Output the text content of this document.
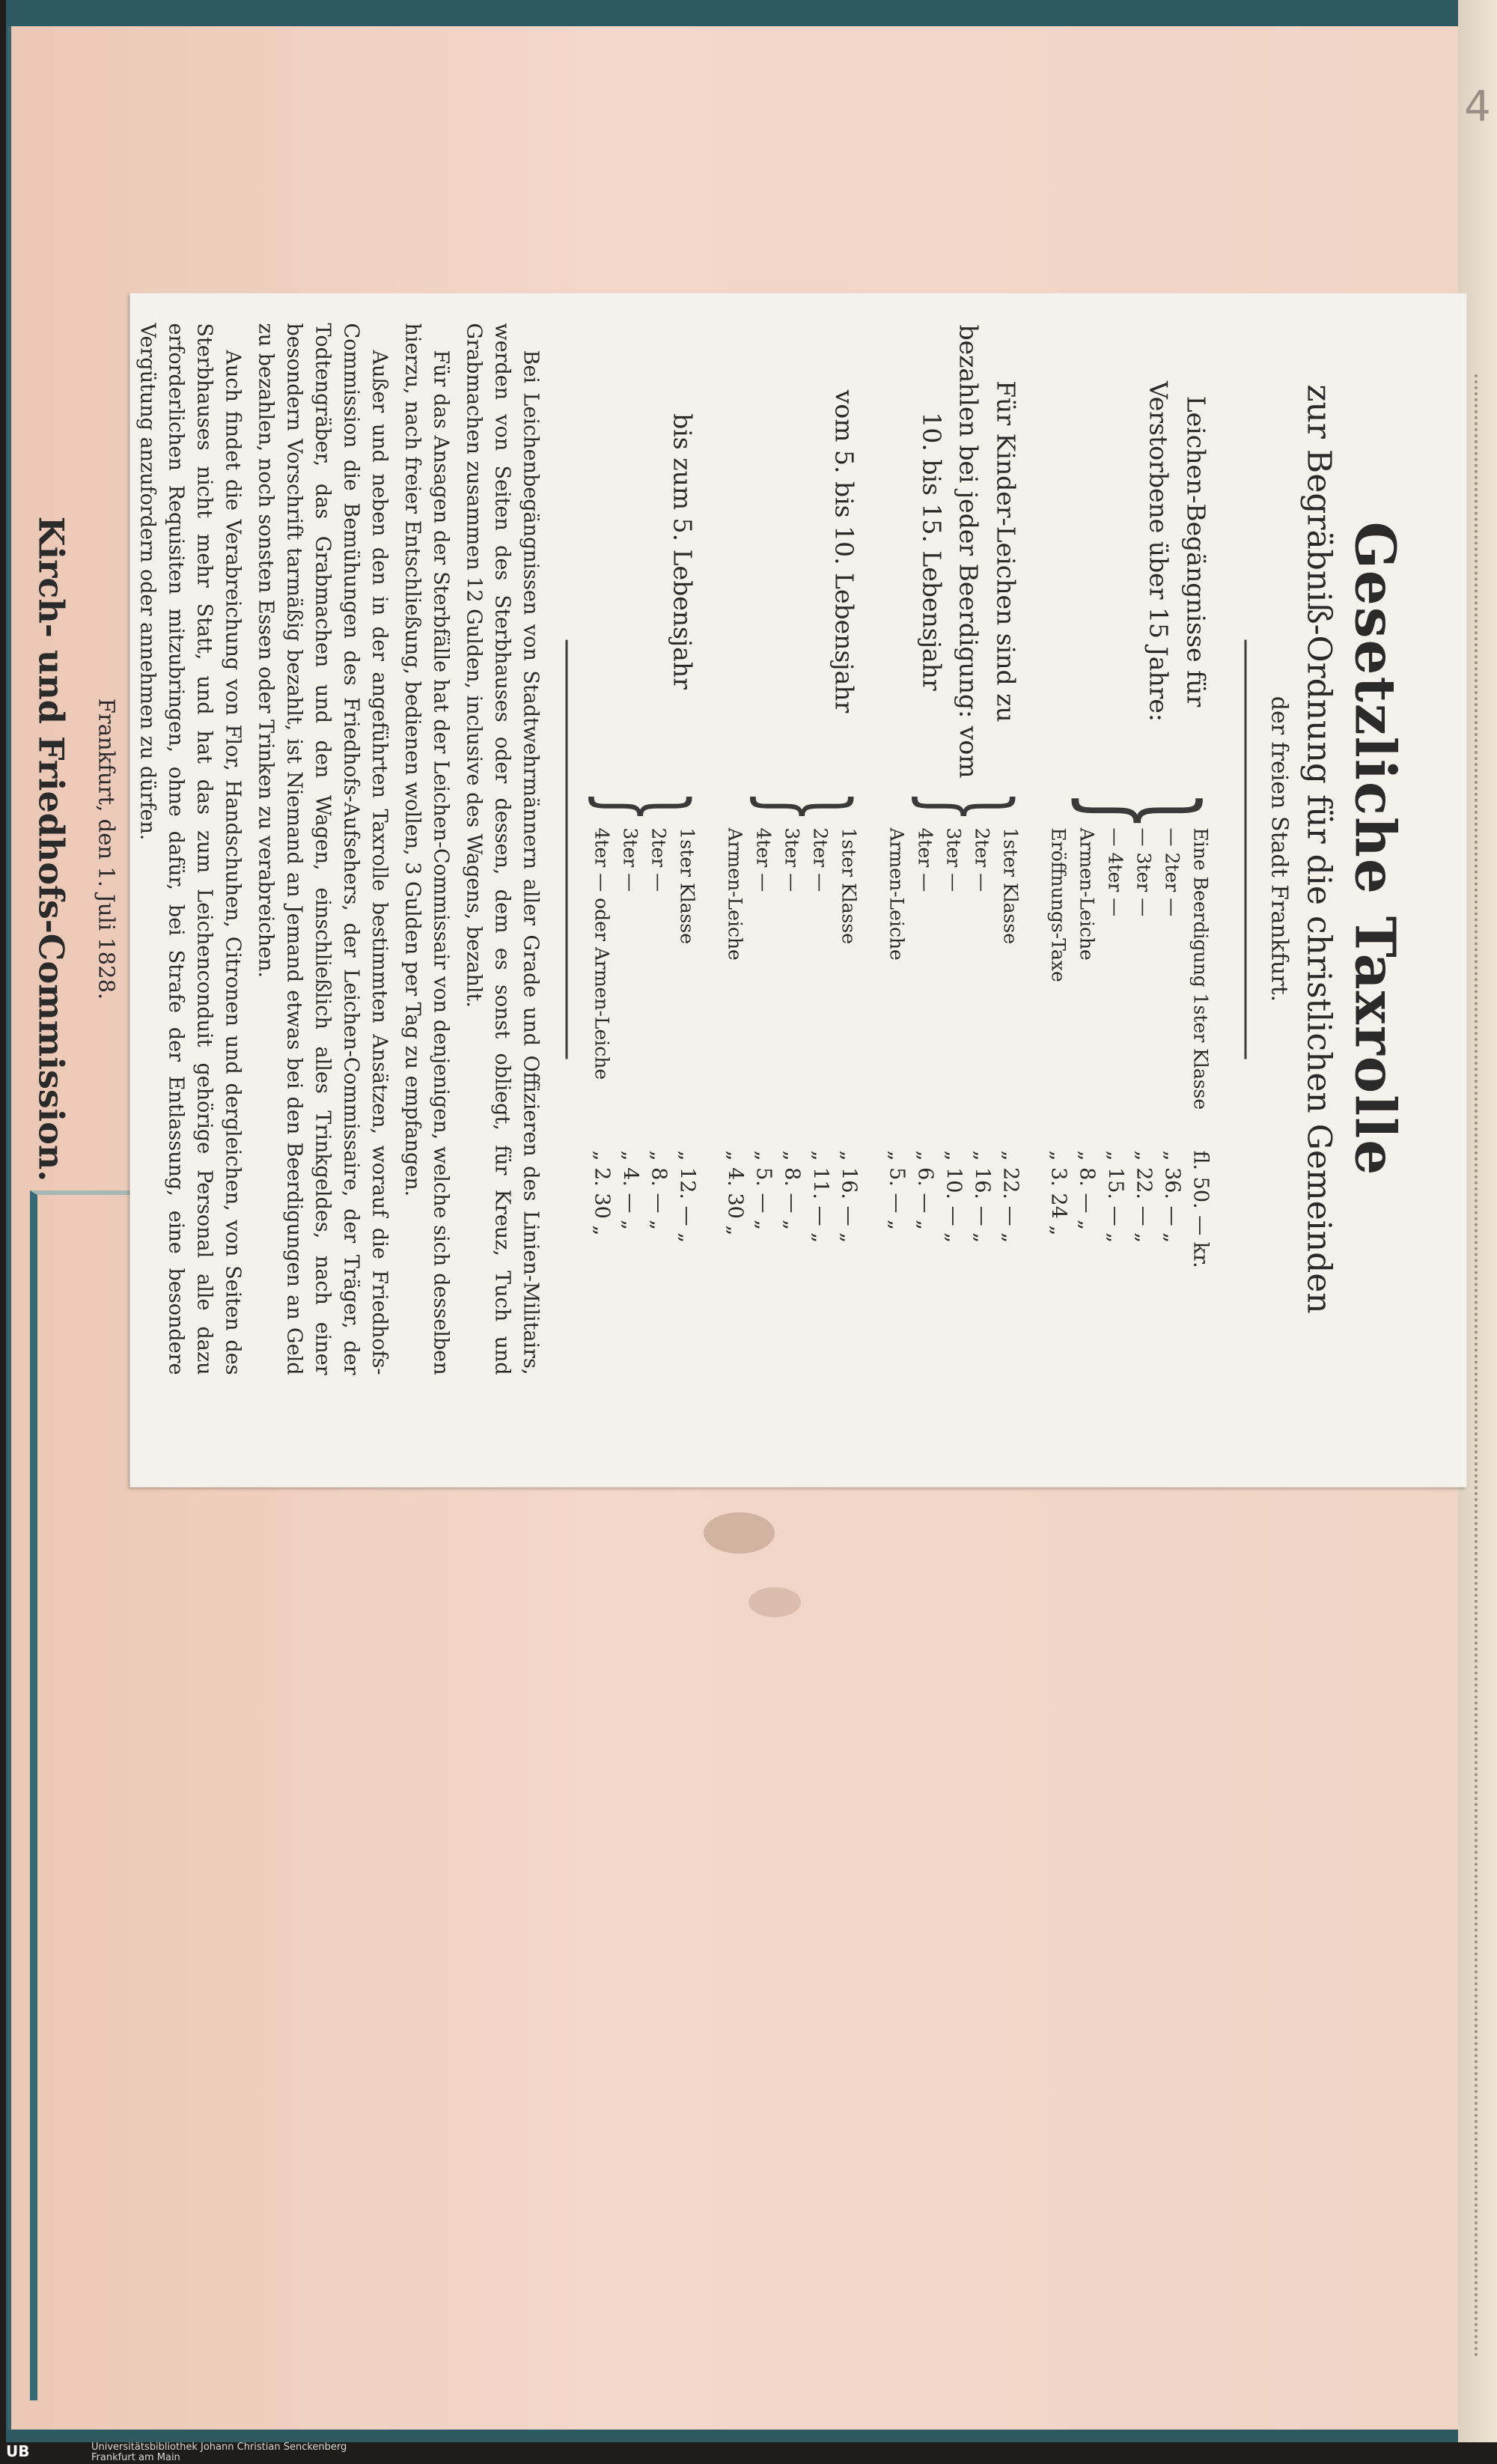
4
Gesetzliche Taxrolle
zur Begräbniß-Ordnung für die christlichen Gemeinden
der freien Stadt Frankfurt.
Leichen-Begängnisse für Verstorbene über 15 Jahre:
}
Eine Beerdigung 1ster Klasse
— 2ter —
— 3ter —
— 4ter —
Armen-Leiche
Eröffnungs-Taxe
fl. 50. — kr.
„ 36. — „
„ 22. — „
„ 15. — „
„ 8. — „
„ 3. 24 „
Für Kinder-Leichen sind zu bezahlen bei jeder Beerdigung: vom 10. bis 15. Lebensjahr
}
1ster Klasse
2ter —
3ter —
4ter —
Armen-Leiche
„ 22. — „
„ 16. — „
„ 10. — „
„ 6. — „
„ 5. — „
vom 5. bis 10. Lebensjahr
}
1ster Klasse
2ter —
3ter —
4ter —
Armen-Leiche
„ 16. — „
„ 11. — „
„ 8. — „
„ 5. — „
„ 4. 30 „
bis zum 5. Lebensjahr
}
1ster Klasse
2ter —
3ter —
4ter — oder Armen-Leiche
„ 12. — „
„ 8. — „
„ 4. — „
„ 2. 30 „

Bei Leichenbegängnissen von Stadtwehrmännern aller Grade und Offizieren des Linien-Militairs, werden von Seiten des Sterbhauses oder dessen, dem es sonst obliegt, für Kreuz, Tuch und Grabmachen zusammen 12 Gulden, inclusive des Wagens, bezahlt.

Für das Ansagen der Sterbfälle hat der Leichen-Commissair von denjenigen, welche sich desselben hierzu, nach freier Entschließung, bedienen wollen, 3 Gulden per Tag zu empfangen.

Außer und neben den in der angeführten Taxrolle bestimmten Ansätzen, worauf die Friedhofs-Commission die Bemühungen des Friedhofs-Aufsehers, der Leichen-Commissaire, der Träger, der Todtengräber, das Grabmachen und den Wagen, einschließlich alles Trinkgeldes, nach einer besondern Vorschrift tarmäßig bezahlt, ist Niemand an Jemand etwas bei den Beerdigungen an Geld zu bezahlen, noch sonsten Essen oder Trinken zu verabreichen.

Auch findet die Verabreichung von Flor, Handschuhen, Citronen und dergleichen, von Seiten des Sterbhauses nicht mehr Statt, und hat das zum Leichenconduit gehörige Personal alle dazu erforderlichen Requisiten mitzubringen, ohne dafür, bei Strafe der Entlassung, eine besondere Vergütung anzufordern oder annehmen zu dürfen.

Frankfurt, den 1. Juli 1828.
Kirch- und Friedhofs-Commission.
UB	Universitätsbibliothek Johann Christian Senckenberg
Frankfurt am Main
